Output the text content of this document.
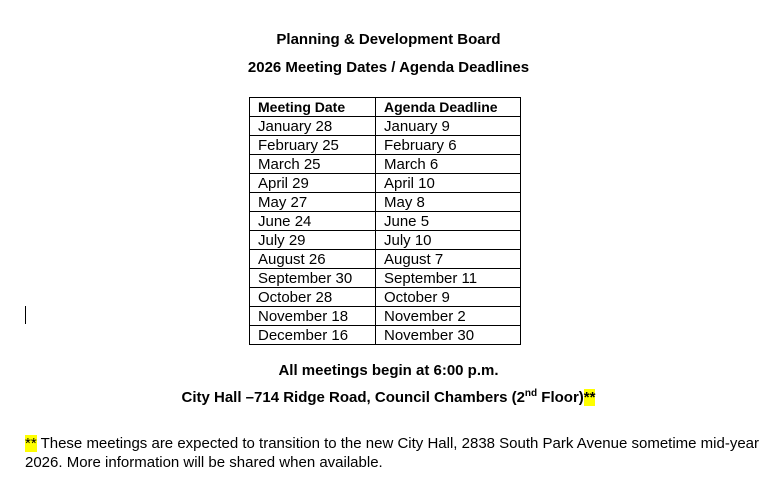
Planning & Development Board
2026 Meeting Dates / Agenda Deadlines
Meeting Date	Agenda Deadline
January 28	January 9
February 25	February 6
March 25	March 6
April 29	April 10
May 27	May 8
June 24	June 5
July 29	July 10
August 26	August 7
September 30	September 11
October 28	October 9
November 18	November 2
December 16	November 30
All meetings begin at 6:00 p.m.
City Hall –714 Ridge Road, Council Chambers (2nd Floor)**
** These meetings are expected to transition to the new City Hall, 2838 South Park Avenue sometime mid-year 2026. More information will be shared when available.
